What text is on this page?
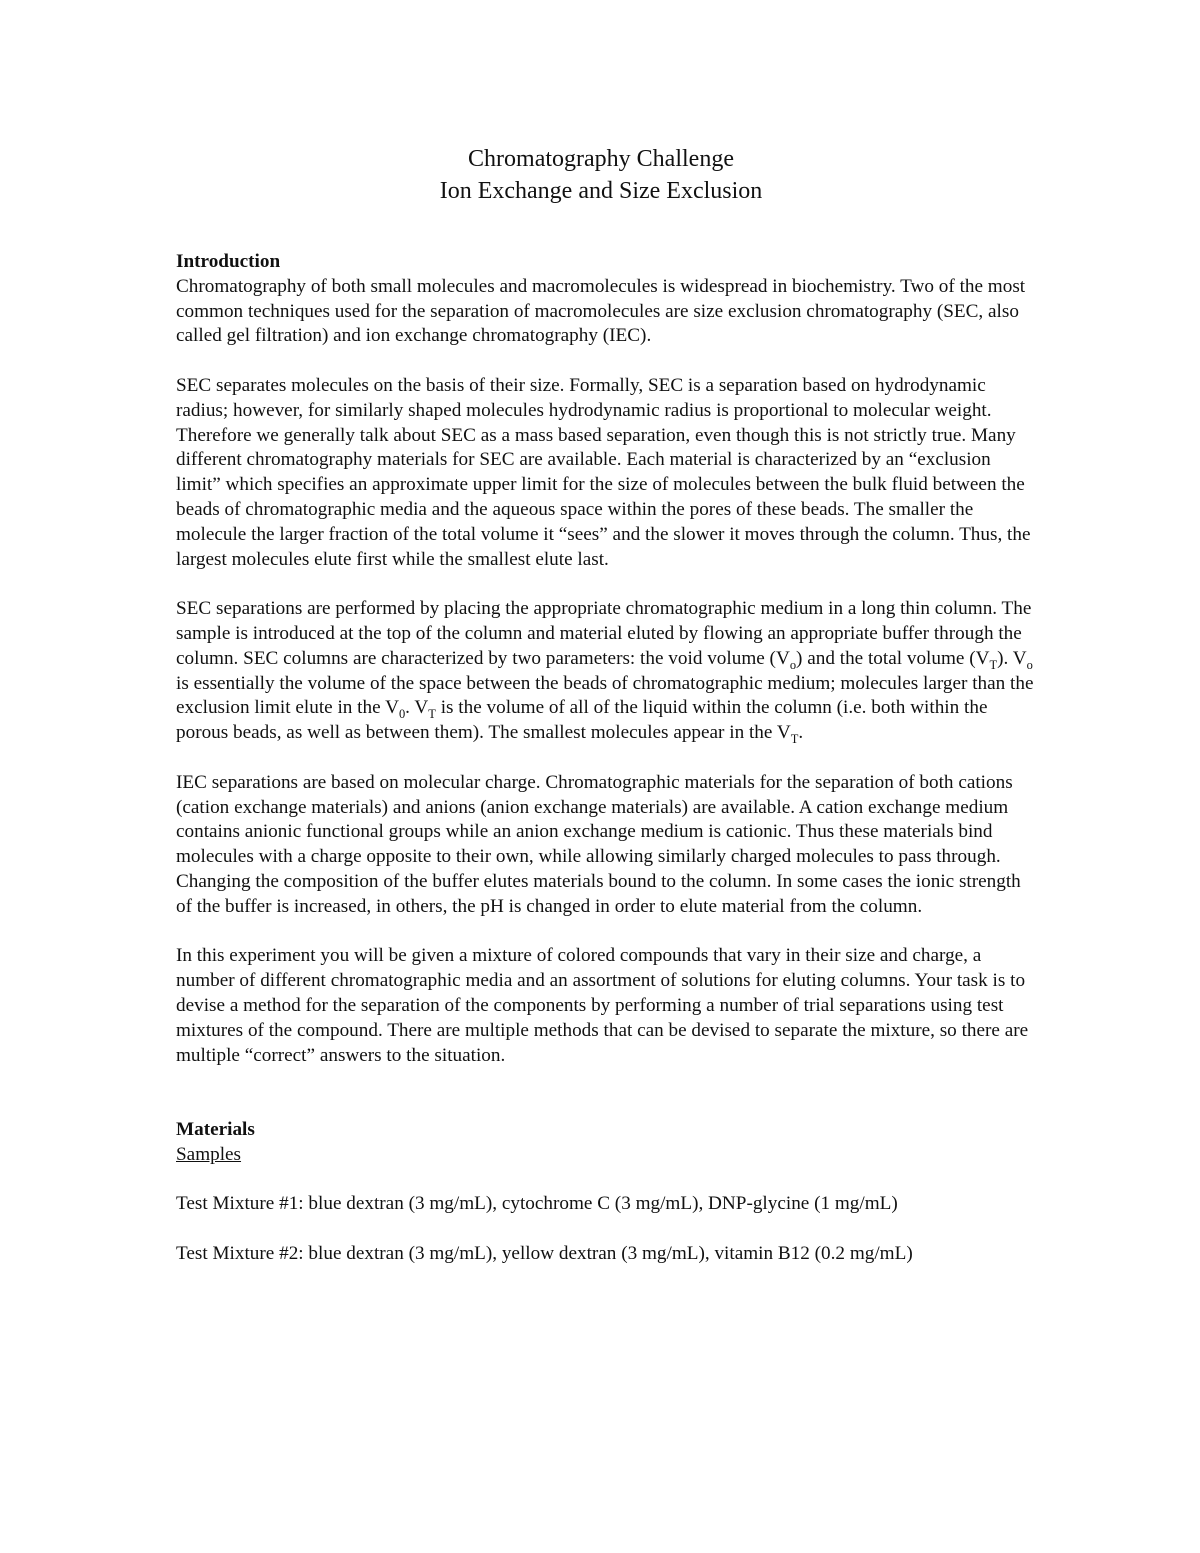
Chromatography Challenge
Ion Exchange and Size Exclusion
Introduction

Chromatography of both small molecules and macromolecules is widespread in biochemistry. Two of the most common techniques used for the separation of macromolecules are size exclusion chromatography (SEC, also called gel filtration) and ion exchange chromatography (IEC).

SEC separates molecules on the basis of their size. Formally, SEC is a separation based on hydrodynamic radius; however, for similarly shaped molecules hydrodynamic radius is proportional to molecular weight. Therefore we generally talk about SEC as a mass based separation, even though this is not strictly true. Many different chromatography materials for SEC are available. Each material is characterized by an “exclusion limit” which specifies an approximate upper limit for the size of molecules between the bulk fluid between the beads of chromatographic media and the aqueous space within the pores of these beads. The smaller the molecule the larger fraction of the total volume it “sees” and the slower it moves through the column. Thus, the largest molecules elute first while the smallest elute last.

SEC separations are performed by placing the appropriate chromatographic medium in a long thin column. The sample is introduced at the top of the column and material eluted by flowing an appropriate buffer through the column. SEC columns are characterized by two parameters: the void volume $(V_o)$ and the total volume $(V_T)$. $V_o$ is essentially the volume of the space between the beads of chromatographic medium; molecules larger than the exclusion limit elute in the $V_0$. $V_T$ is the volume of all of the liquid within the column (i.e. both within the porous beads, as well as between them). The smallest molecules appear in the $V_T$.

IEC separations are based on molecular charge. Chromatographic materials for the separation of both cations (cation exchange materials) and anions (anion exchange materials) are available. A cation exchange medium contains anionic functional groups while an anion exchange medium is cationic. Thus these materials bind molecules with a charge opposite to their own, while allowing similarly charged molecules to pass through. Changing the composition of the buffer elutes materials bound to the column. In some cases the ionic strength of the buffer is increased, in others, the pH is changed in order to elute material from the column.

In this experiment you will be given a mixture of colored compounds that vary in their size and charge, a number of different chromatographic media and an assortment of solutions for eluting columns. Your task is to devise a method for the separation of the components by performing a number of trial separations using test mixtures of the compound. There are multiple methods that can be devised to separate the mixture, so there are multiple “correct” answers to the situation.

Materials
Samples
Test Mixture #1: blue dextran (3 mg/mL), cytochrome C (3 mg/mL), DNP-glycine (1 mg/mL)
Test Mixture #2: blue dextran (3 mg/mL), yellow dextran (3 mg/mL), vitamin B12 (0.2 mg/mL)
